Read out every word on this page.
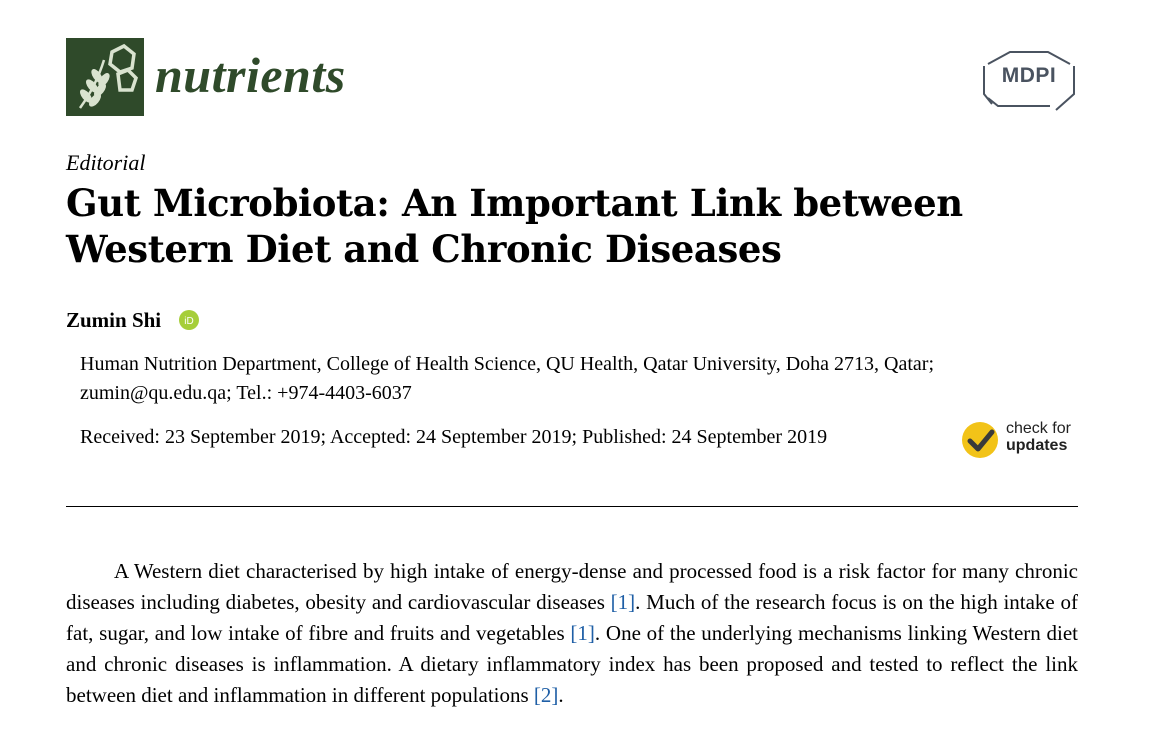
nutrients	MDPI
Editorial
Gut Microbiota: An Important Link between Western Diet and Chronic Diseases
Zumin Shi iD
Human Nutrition Department, College of Health Science, QU Health, Qatar University, Doha 2713, Qatar;
zumin@qu.edu.qa; Tel.: +974-4403-6037
Received: 23 September 2019; Accepted: 24 September 2019; Published: 24 September 2019	check for
updates

A Western diet characterised by high intake of energy-dense and processed food is a risk factor for many chronic diseases including diabetes, obesity and cardiovascular diseases [1]. Much of the research focus is on the high intake of fat, sugar, and low intake of fibre and fruits and vegetables [1]. One of the underlying mechanisms linking Western diet and chronic diseases is inflammation. A dietary inflammatory index has been proposed and tested to reflect the link between diet and inflammation in different populations [2].
